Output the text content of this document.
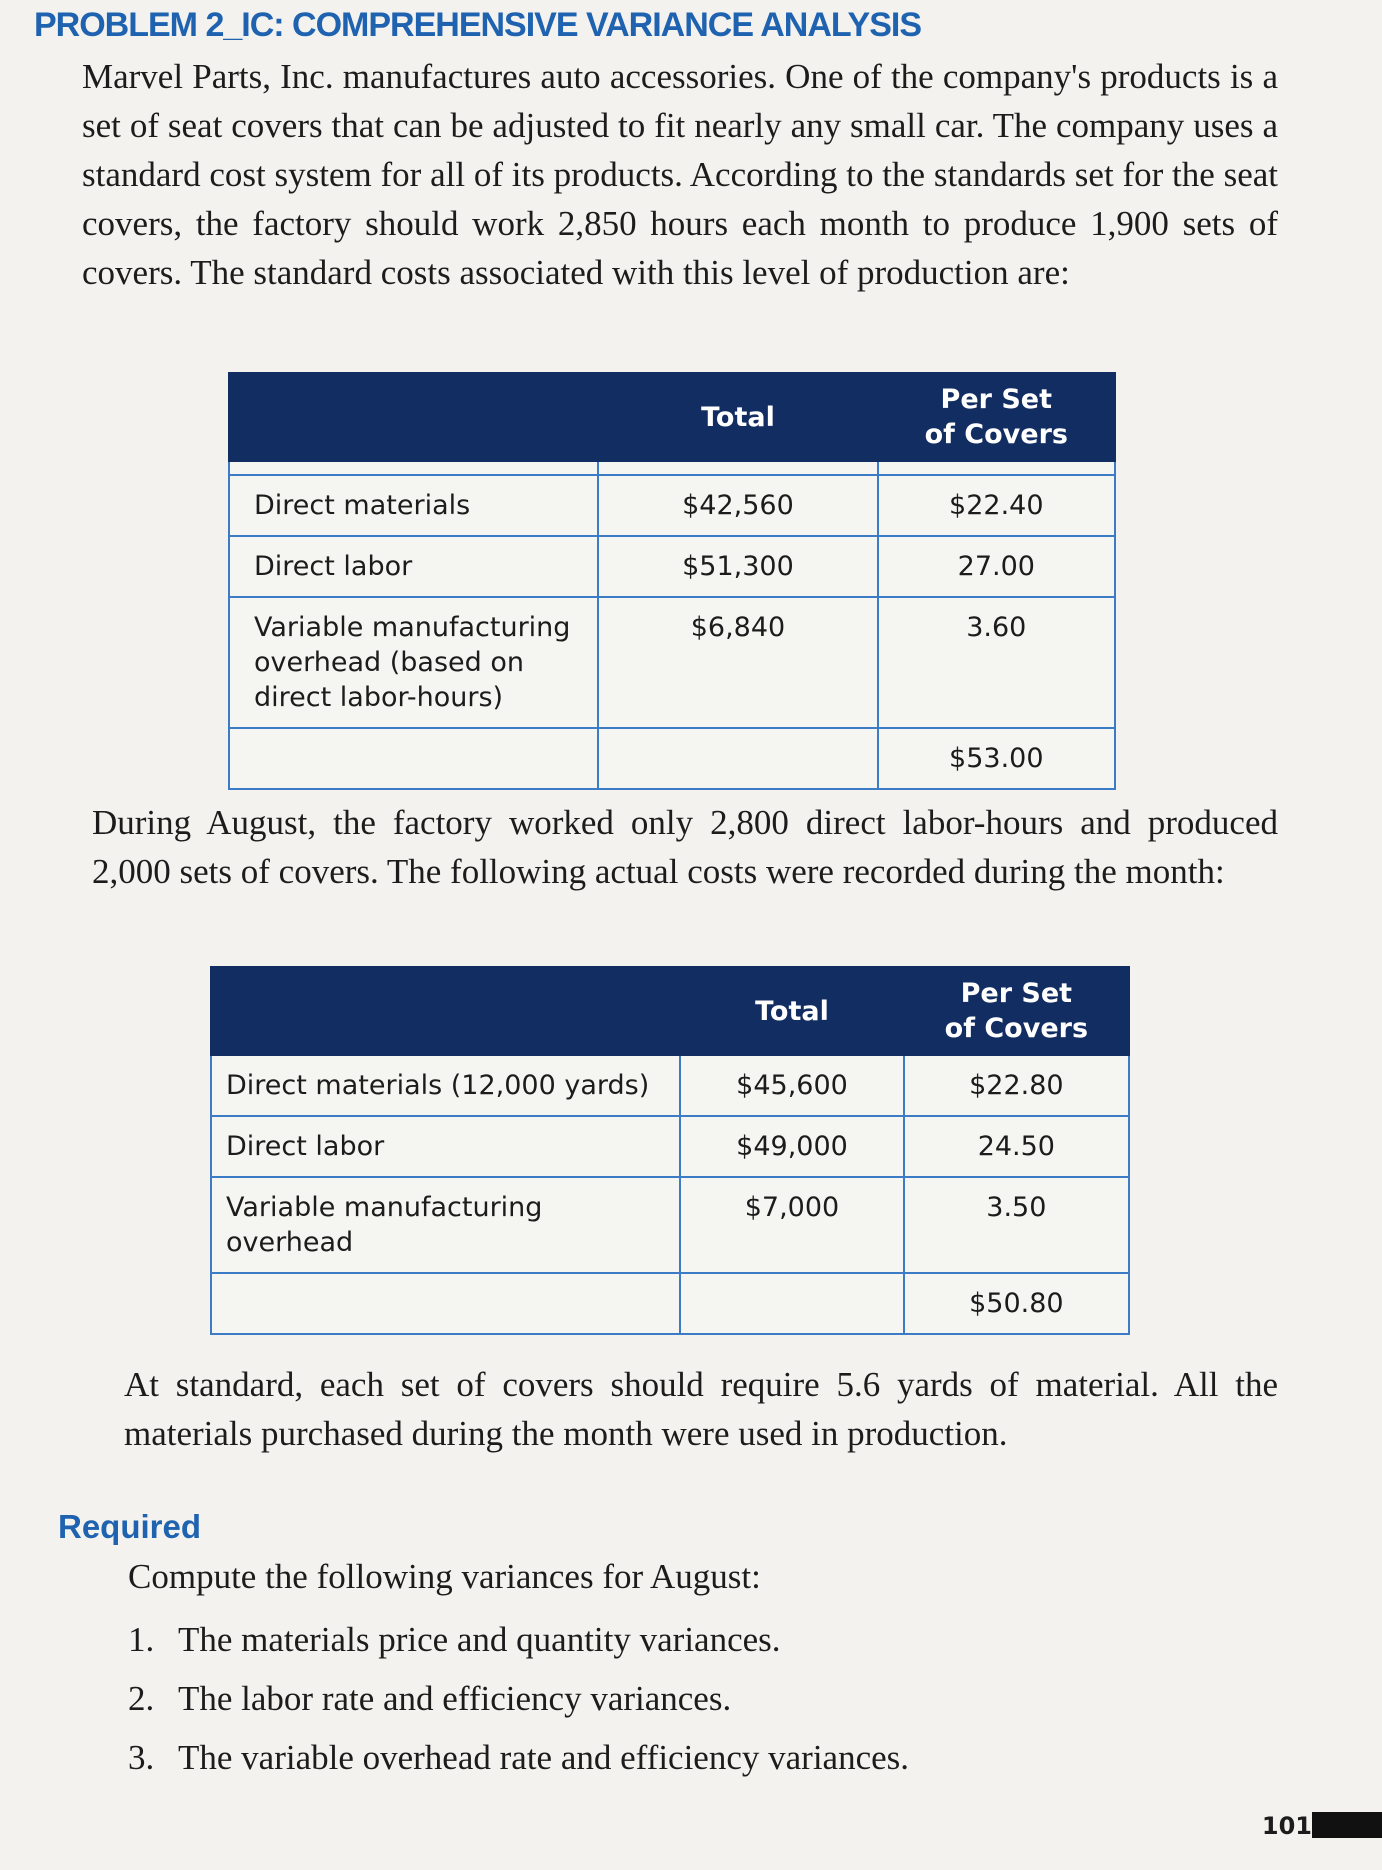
PROBLEM 2_IC: COMPREHENSIVE VARIANCE ANALYSIS

Marvel Parts, Inc. manufactures auto accessories. One of the company's products is a set of seat covers that can be adjusted to fit nearly any small car. The company uses a standard cost system for all of its products. According to the standards set for the seat covers, the factory should work 2,850 hours each month to produce 1,900 sets of covers. The standard costs associated with this level of production are:

	Total	Per Set
of Covers

Direct materials	$42,560	$22.40
Direct labor	$51,300	27.00
Variable manufacturing overhead (based on direct labor-hours)	$6,840	3.60
		$53.00

During August, the factory worked only 2,800 direct labor-hours and produced 2,000 sets of covers. The following actual costs were recorded during the month:

	Total	Per Set
of Covers
Direct materials (12,000 yards)	$45,600	$22.80
Direct labor	$49,000	24.50

Variable manufacturing overhead	$7,000	3.50
		$50.80

At standard, each set of covers should require 5.6 yards of material. All the materials purchased during the month were used in production.

Required

Compute the following variances for August:

1. The materials price and quantity variances.
2. The labor rate and efficiency variances.
3. The variable overhead rate and efficiency variances.
101
